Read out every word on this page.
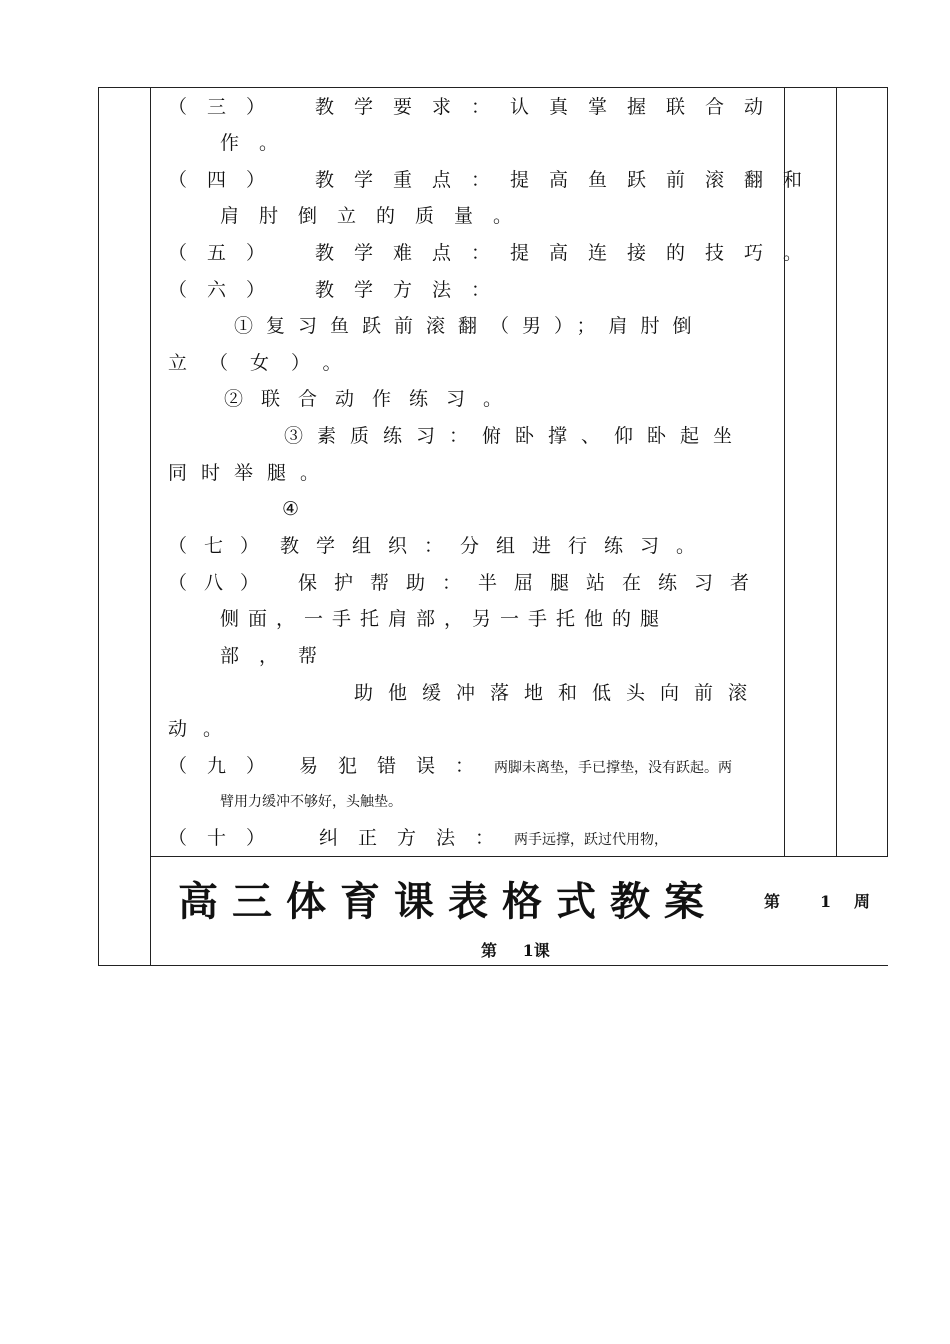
（三） 教学要求：认真掌握联合动
作。
（四） 教学重点：提高鱼跃前滚翻和
肩肘倒立的质量。
（五） 教学难点：提高连接的技巧。
（六） 教学方法：
①复习鱼跃前滚翻（男）；肩肘倒
立（女）。
②联合动作练习。
③素质练习：俯卧撑、仰卧起坐
同时举腿。
④
（七） 教学组织：分组进行练习。
（八） 保护帮助：半屈腿站在练习者
侧面，一手托肩部，另一手托他的腿
部，帮
助他缓冲落地和低头向前滚
动。
（九） 易犯错误：两脚未离垫，手已撑垫，没有跃起。两
臂用力缓冲不够好，头触垫。
（十） 纠正方法：两手远撑，跃过代用物，
高三体育课表格式教案	第 1 周
第 1课
